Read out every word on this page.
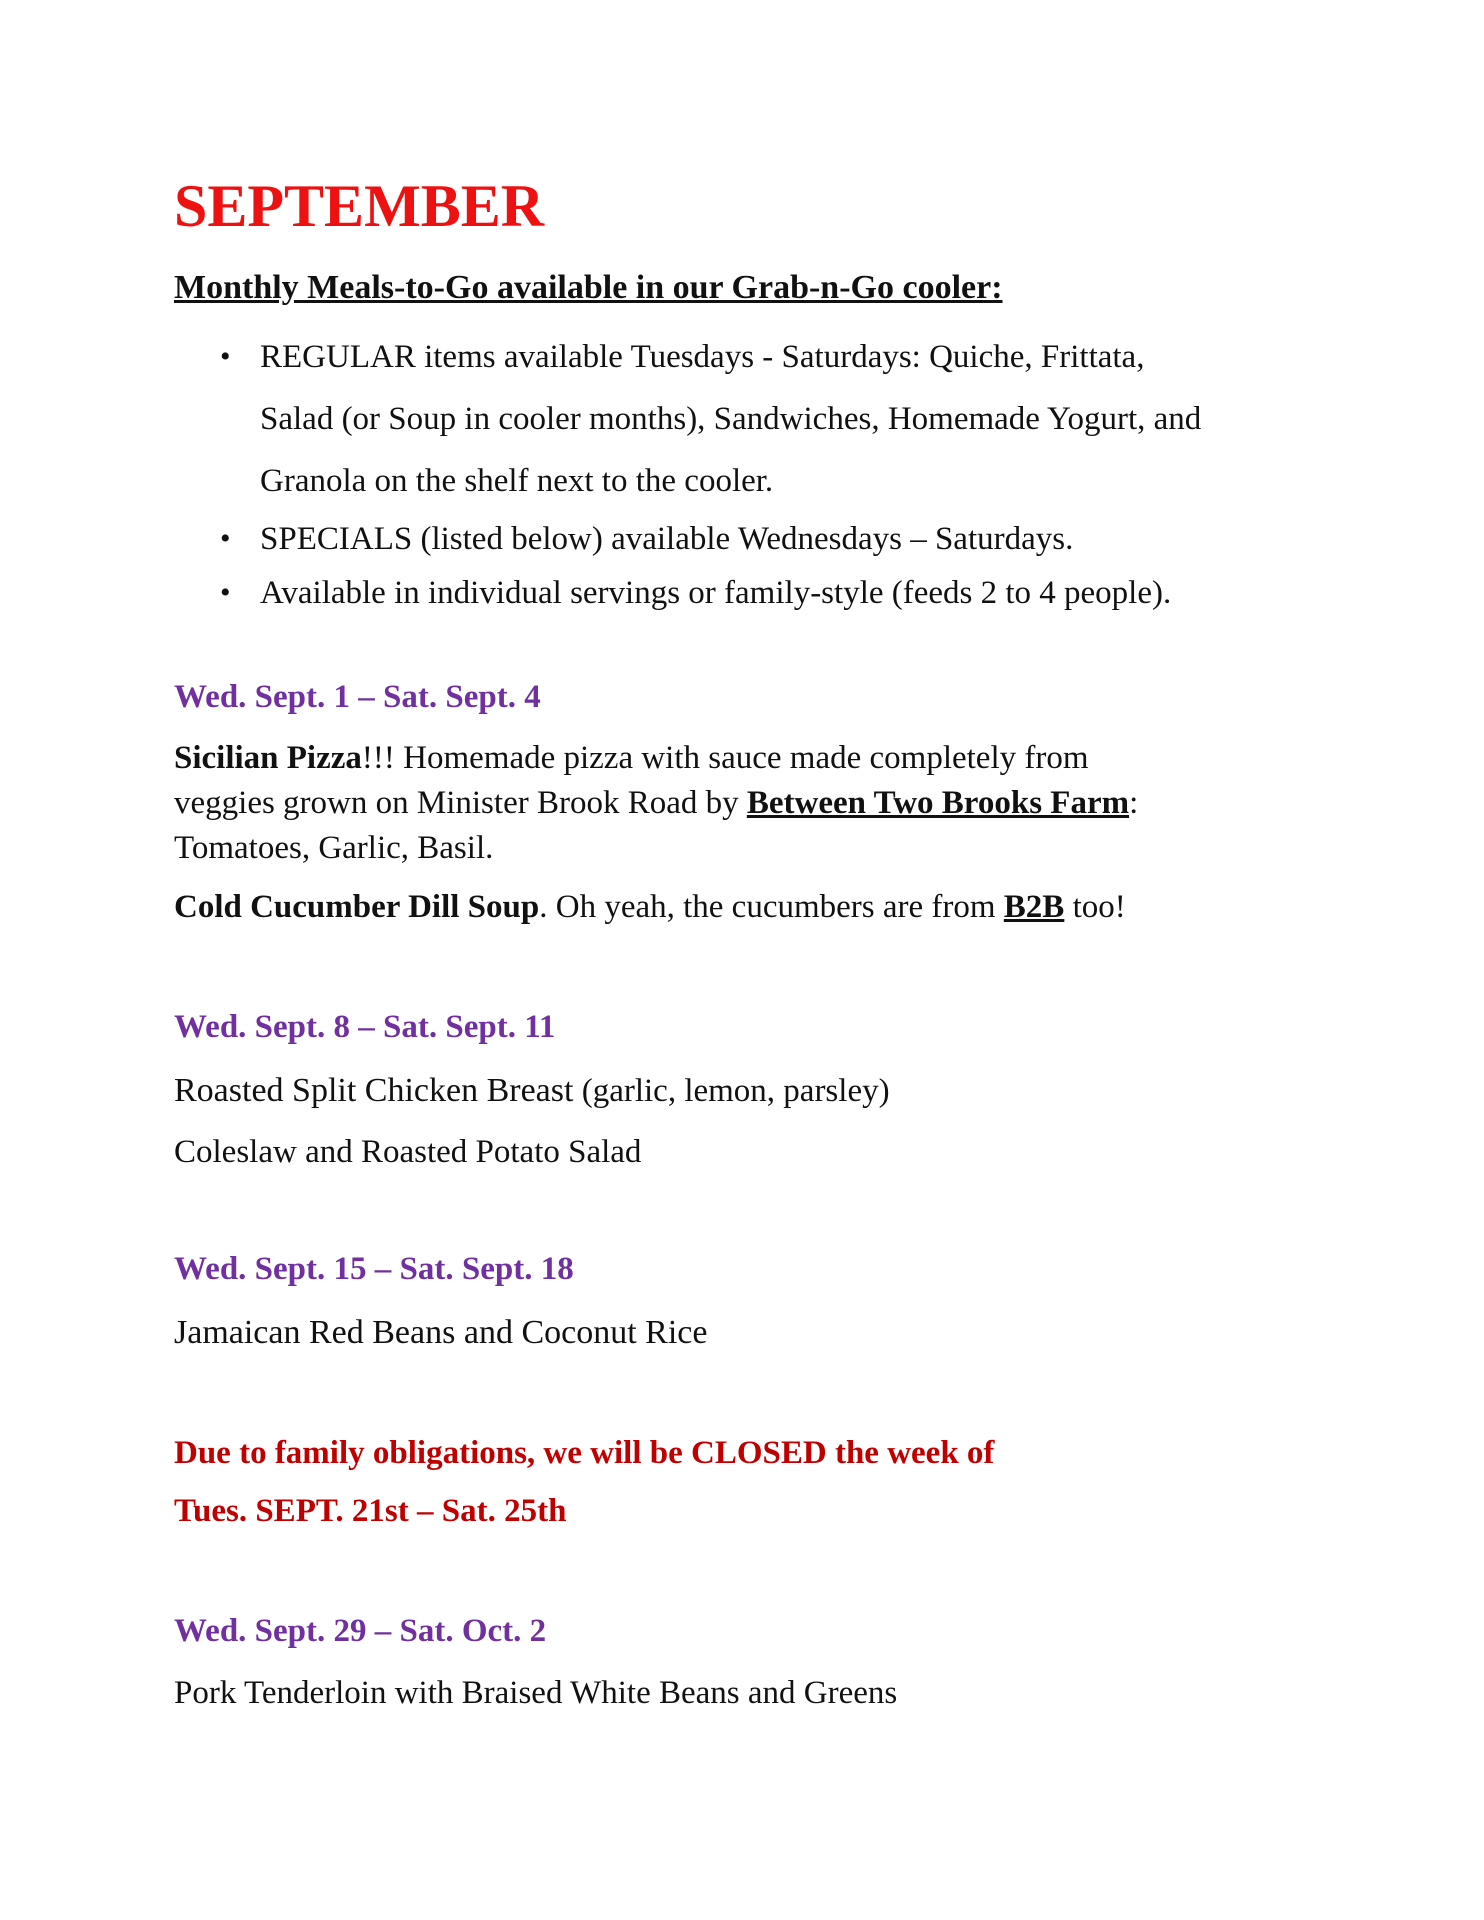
SEPTEMBER
Monthly Meals-to-Go available in our Grab-n-Go cooler:
• REGULAR items available Tuesdays - Saturdays: Quiche, Frittata,
Salad (or Soup in cooler months), Sandwiches, Homemade Yogurt, and
Granola on the shelf next to the cooler.
• SPECIALS (listed below) available Wednesdays – Saturdays.
• Available in individual servings or family-style (feeds 2 to 4 people).
Wed. Sept. 1 – Sat. Sept. 4
Sicilian Pizza!!! Homemade pizza with sauce made completely from
veggies grown on Minister Brook Road by Between Two Brooks Farm:
Tomatoes, Garlic, Basil.
Cold Cucumber Dill Soup. Oh yeah, the cucumbers are from B2B too!
Wed. Sept. 8 – Sat. Sept. 11
Roasted Split Chicken Breast (garlic, lemon, parsley)
Coleslaw and Roasted Potato Salad
Wed. Sept. 15 – Sat. Sept. 18
Jamaican Red Beans and Coconut Rice
Due to family obligations, we will be CLOSED the week of
Tues. SEPT. 21st – Sat. 25th
Wed. Sept. 29 – Sat. Oct. 2
Pork Tenderloin with Braised White Beans and Greens
